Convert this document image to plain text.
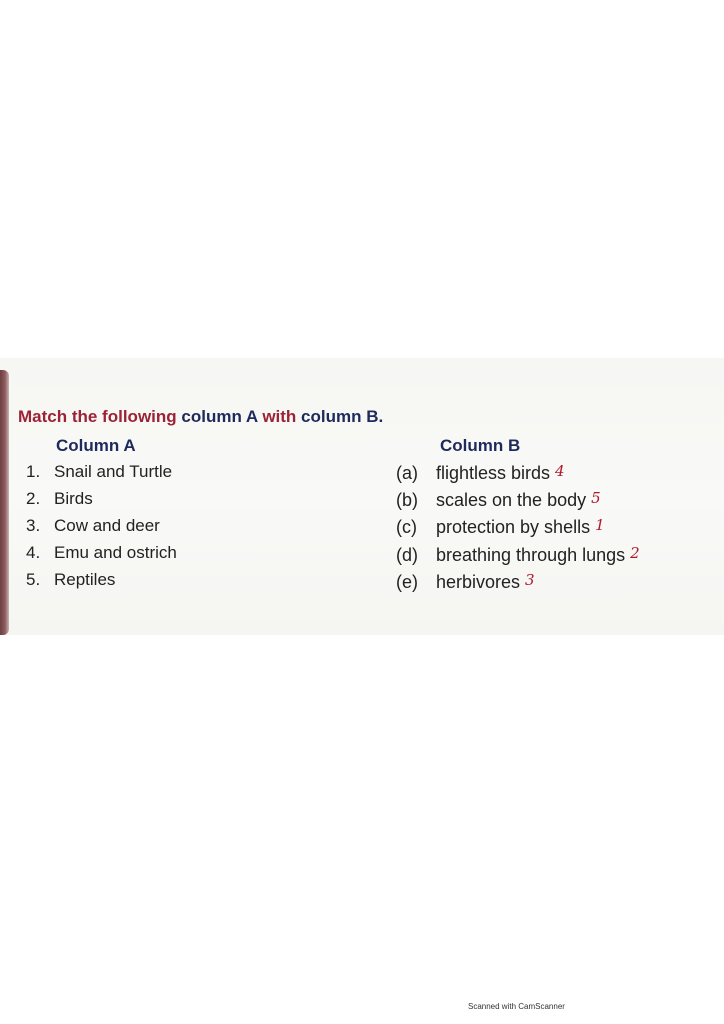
Match the following column A with column B.
Column A	Column B
1. Snail and Turtle
2. Birds
3. Cow and deer
4. Emu and ostrich
5. Reptiles
(a) flightless birds 4
(b) scales on the body 5
(c) protection by shells 1
(d) breathing through lungs 2
(e) herbivores 3
Scanned with CamScanner
